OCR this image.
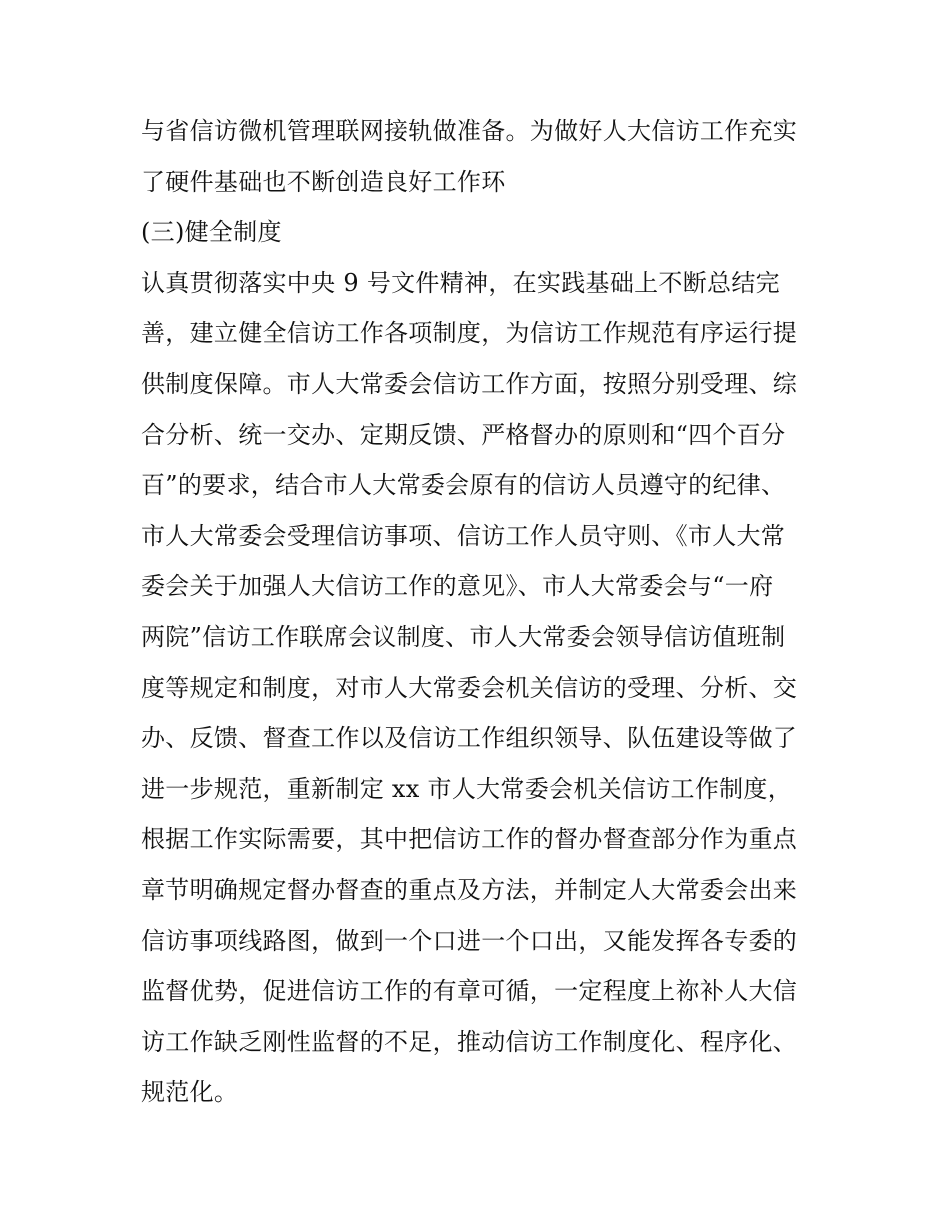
与省信访微机管理联网接轨做准备。为做好人大信访工作充实
了硬件基础也不断创造良好工作环
(三)健全制度
认真贯彻落实中央 9 号文件精神，在实践基础上不断总结完
善，建立健全信访工作各项制度，为信访工作规范有序运行提
供制度保障。市人大常委会信访工作方面，按照分别受理、综
合分析、统一交办、定期反馈、严格督办的原则和“四个百分
百”的要求，结合市人大常委会原有的信访人员遵守的纪律、
市人大常委会受理信访事项、信访工作人员守则、《市人大常
委会关于加强人大信访工作的意见》、市人大常委会与“一府
两院”信访工作联席会议制度、市人大常委会领导信访值班制
度等规定和制度，对市人大常委会机关信访的受理、分析、交
办、反馈、督查工作以及信访工作组织领导、队伍建设等做了
进一步规范，重新制定 xx 市人大常委会机关信访工作制度，
根据工作实际需要，其中把信访工作的督办督查部分作为重点
章节明确规定督办督查的重点及方法，并制定人大常委会出来
信访事项线路图，做到一个口进一个口出，又能发挥各专委的
监督优势，促进信访工作的有章可循，一定程度上祢补人大信
访工作缺乏刚性监督的不足，推动信访工作制度化、程序化、
规范化。
